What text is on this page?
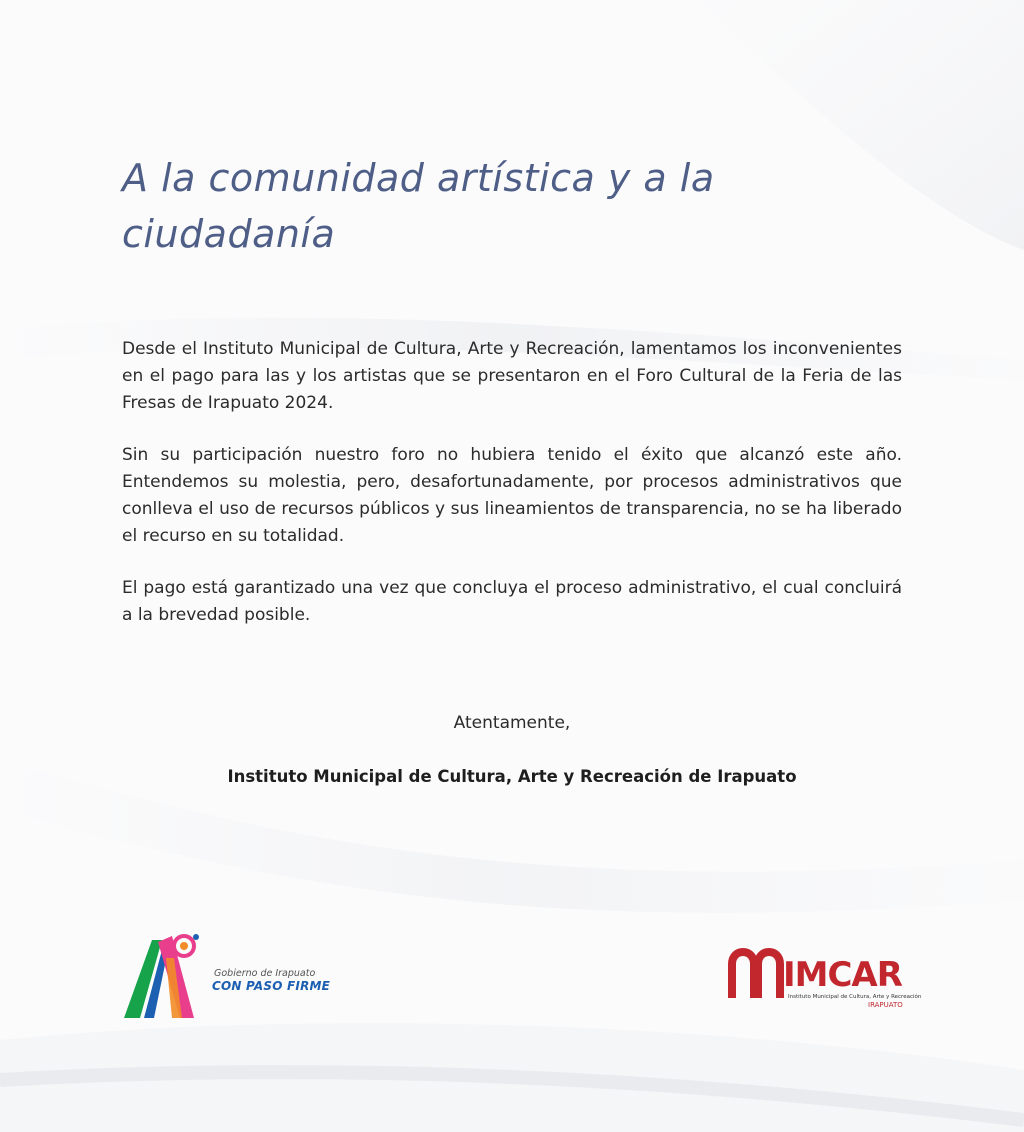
A la comunidad artística y a la ciudadanía

Desde el Instituto Municipal de Cultura, Arte y Recreación, lamentamos los inconvenientes en el pago para las y los artistas que se presentaron en el Foro Cultural de la Feria de las Fresas de Irapuato 2024.

Sin su participación nuestro foro no hubiera tenido el éxito que alcanzó este año. Entendemos su molestia, pero, desafortunadamente, por procesos administrativos que conlleva el uso de recursos públicos y sus lineamientos de transparencia, no se ha liberado el recurso en su totalidad.

El pago está garantizado una vez que concluya el proceso administrativo, el cual concluirá a la brevedad posible.

Atentamente,
Instituto Municipal de Cultura, Arte y Recreación de Irapuato
Gobierno de Irapuato
CON PASO FIRME	IMCAR
Instituto Municipal de Cultura, Arte y Recreación
IRAPUATO
